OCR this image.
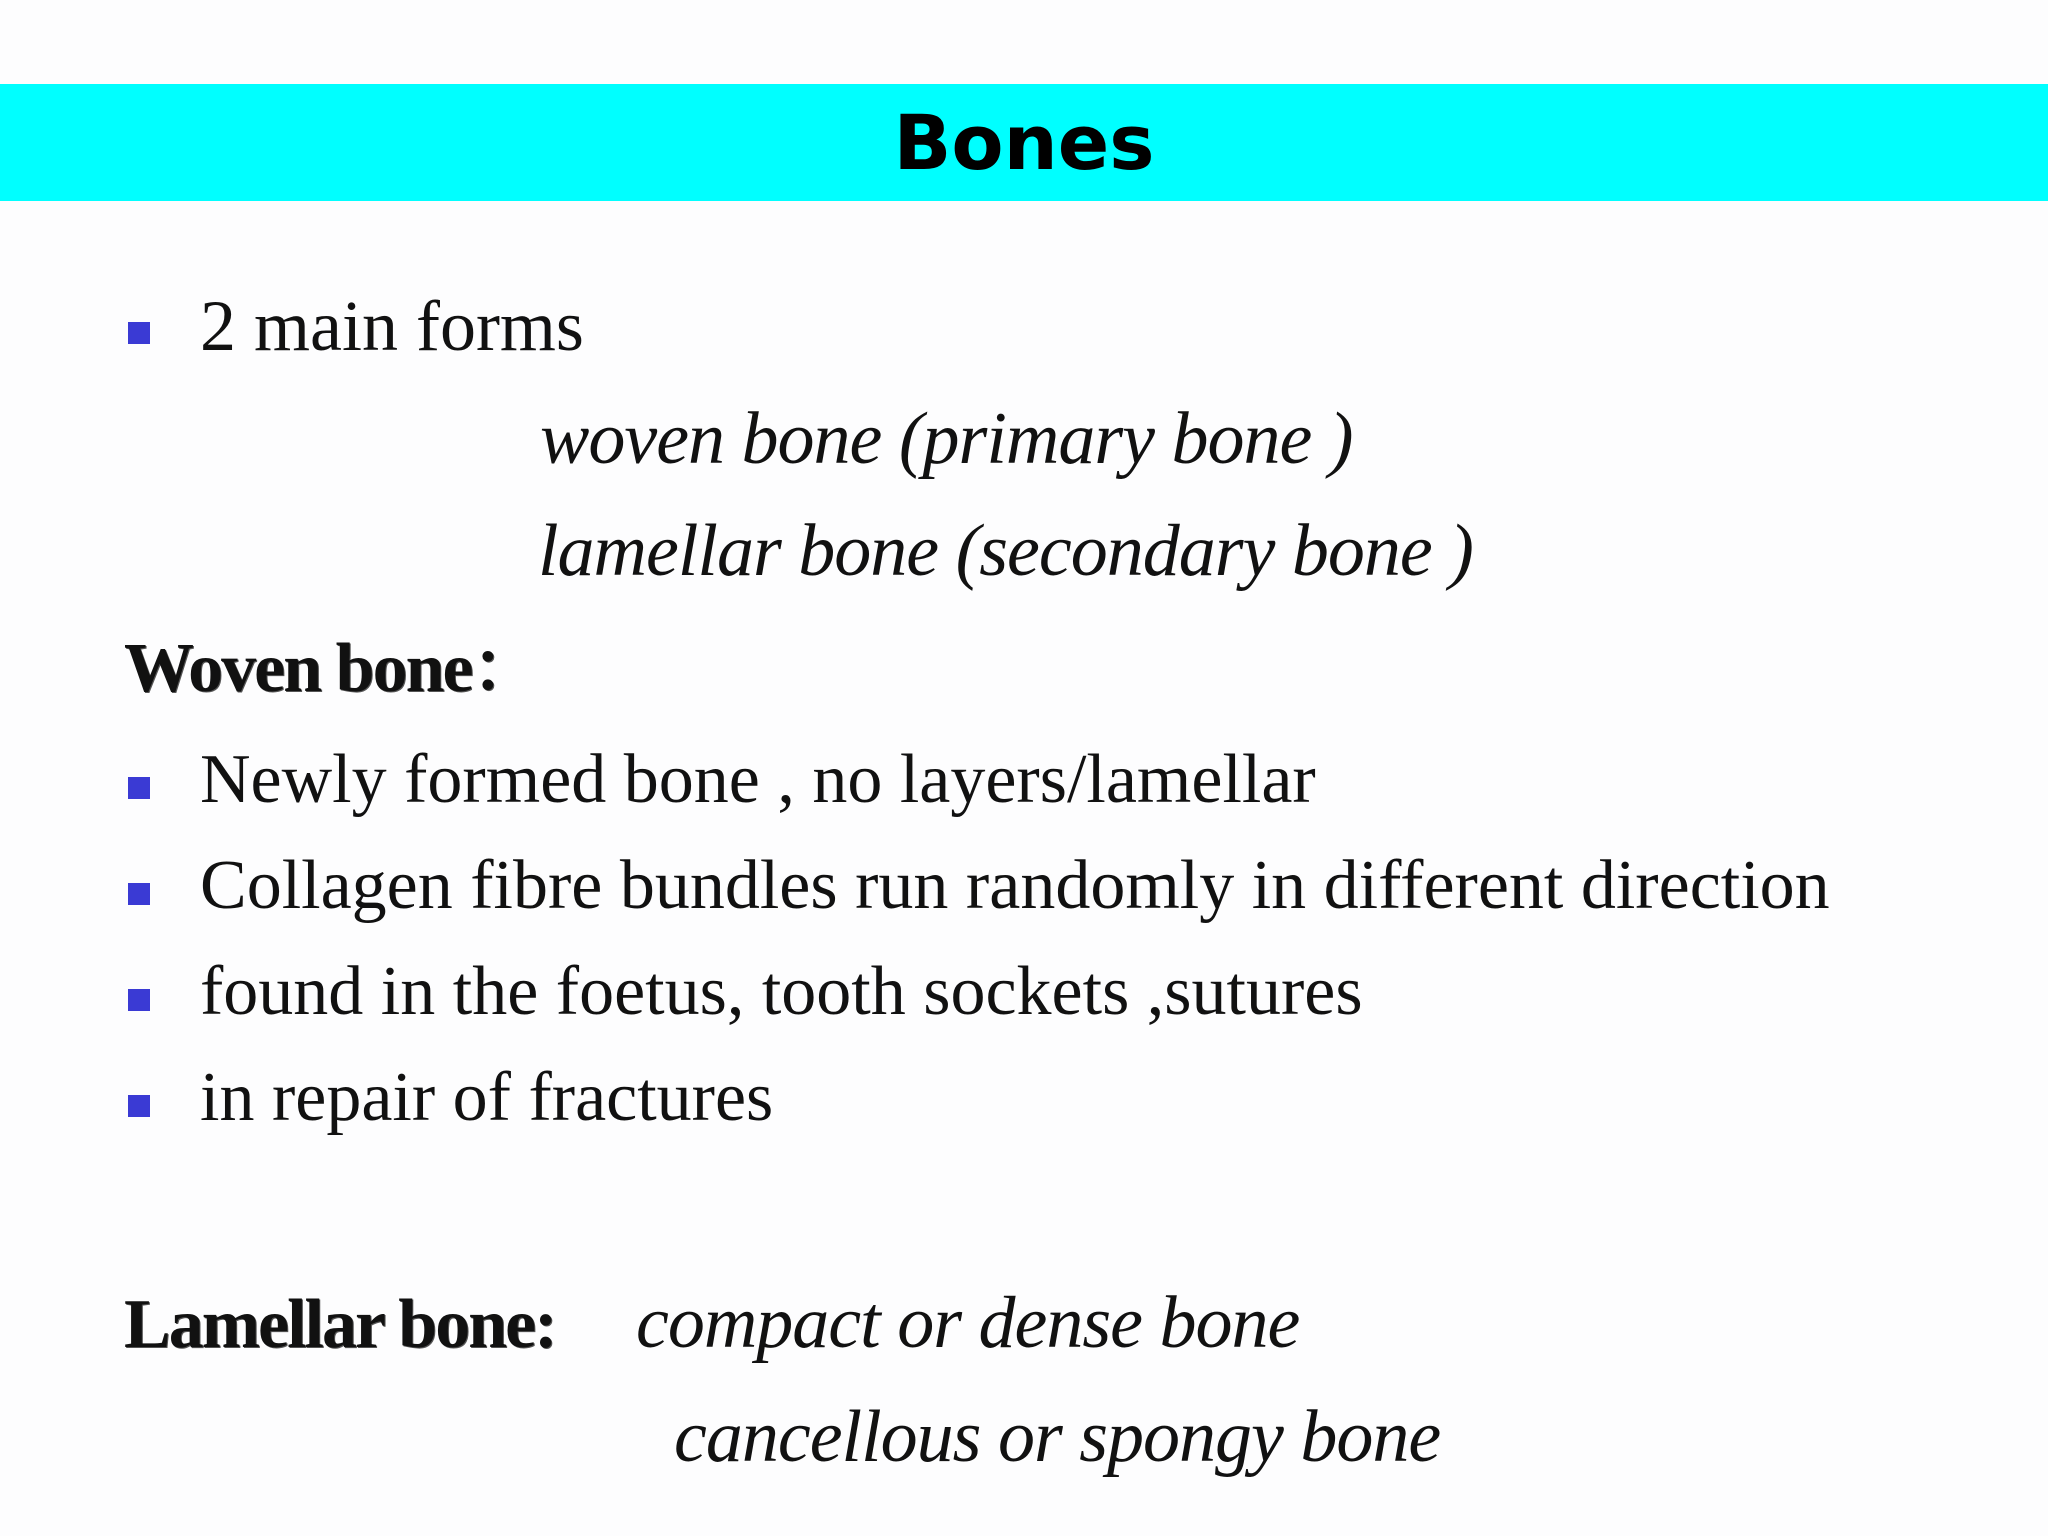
Bones
2 main forms
woven bone (primary bone )
lamellar bone (secondary bone )
Woven bone：
Newly formed bone , no layers/lamellar
Collagen fibre bundles run randomly in different direction
found in the foetus, tooth sockets ,sutures
in repair of fractures
Lamellar bone: compact or dense bone
cancellous or spongy bone
